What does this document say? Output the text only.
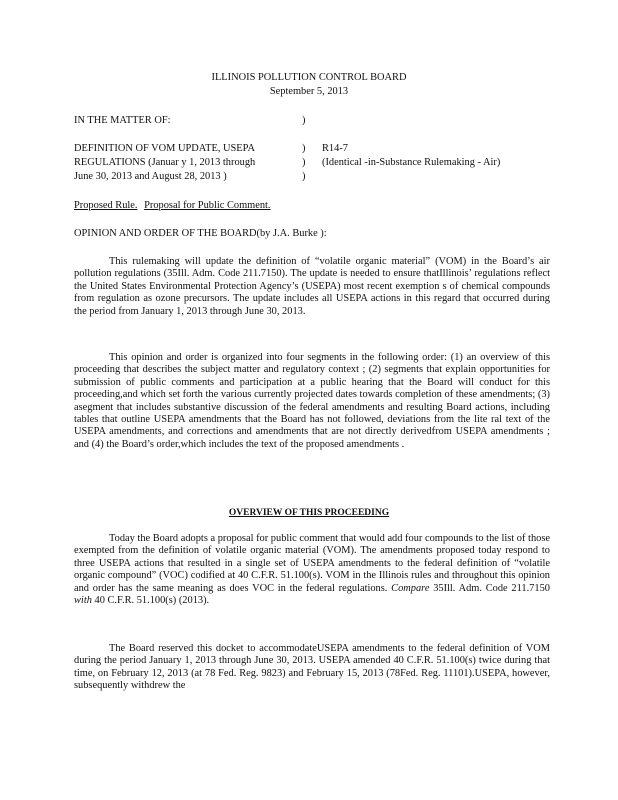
ILLINOIS POLLUTION CONTROL BOARD
September 5, 2013
IN THE MATTER OF:	)
DEFINITION OF VOM UPDATE, USEPA
REGULATIONS (Januar y 1, 2013 through
June 30, 2013 and August 28, 2013 )
)
)
)
R14-7
(Identical -in-Substance Rulemaking - Air)
Proposed Rule. Proposal for Public Comment.
OPINION AND ORDER OF THE BOARD(by J.A. Burke ):

This rulemaking will update the definition of “volatile organic material” (VOM) in the Board’s air pollution regulations (35Ill. Adm. Code 211.7150). The update is needed to ensure thatIllinois’ regulations reflect the United States Environmental Protection Agency’s (USEPA) most recent exemption s of chemical compounds from regulation as ozone precursors. The update includes all USEPA actions in this regard that occurred during the period from January 1, 2013 through June 30, 2013.

This opinion and order is organized into four segments in the following order: (1) an overview of this proceeding that describes the subject matter and regulatory context ; (2) segments that explain opportunities for submission of public comments and participation at a public hearing that the Board will conduct for this proceeding,and which set forth the various currently projected dates towards completion of these amendments; (3) asegment that includes substantive discussion of the federal amendments and resulting Board actions, including tables that outline USEPA amendments that the Board has not followed, deviations from the lite ral text of the USEPA amendments, and corrections and amendments that are not directly derivedfrom USEPA amendments ; and (4) the Board’s order,which includes the text of the proposed amendments .

OVERVIEW OF THIS PROCEEDING

Today the Board adopts a proposal for public comment that would add four compounds to the list of those exempted from the definition of volatile organic material (VOM). The amendments proposed today respond to three USEPA actions that resulted in a single set of USEPA amendments to the federal definition of “volatile organic compound” (VOC) codified at 40 C.F.R. 51.100(s). VOM in the Illinois rules and throughout this opinion and order has the same meaning as does VOC in the federal regulations. Compare 35Ill. Adm. Code 211.7150 with 40 C.F.R. 51.100(s) (2013).

The Board reserved this docket to accommodateUSEPA amendments to the federal definition of VOM during the period January 1, 2013 through June 30, 2013. USEPA amended 40 C.F.R. 51.100(s) twice during that time, on February 12, 2013 (at 78 Fed. Reg. 9823) and February 15, 2013 (78Fed. Reg. 11101).USEPA, however, subsequently withdrew the
